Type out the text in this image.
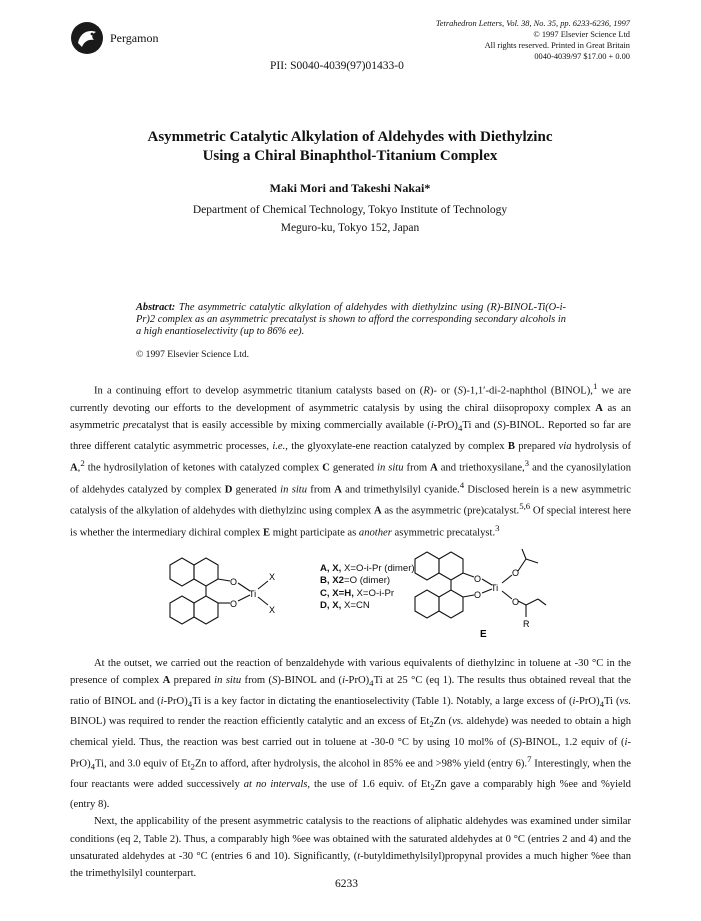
Pergamon
Tetrahedron Letters, Vol. 38, No. 35, pp. 6233-6236, 1997
© 1997 Elsevier Science Ltd
All rights reserved. Printed in Great Britain
0040-4039/97 $17.00 + 0.00
PII: S0040-4039(97)01433-0
Asymmetric Catalytic Alkylation of Aldehydes with Diethylzinc
Using a Chiral Binaphthol-Titanium Complex
Maki Mori and Takeshi Nakai*
Department of Chemical Technology, Tokyo Institute of Technology
Meguro-ku, Tokyo 152, Japan
Abstract: The asymmetric catalytic alkylation of aldehydes with diethylzinc using (R)-BINOL-Ti(O-i-Pr)2 complex as an asymmetric precatalyst is shown to afford the corresponding secondary alcohols in a high enantioselectivity (up to 86% ee).
© 1997 Elsevier Science Ltd.

In a continuing effort to develop asymmetric titanium catalysts based on (R)- or (S)-1,1′-di-2-naphthol (BINOL),$^1$ we are currently devoting our efforts to the development of asymmetric catalysis by using the chiral diisopropoxy complex A as an asymmetric precatalyst that is easily accessible by mixing commercially available $(i-PrO)_4Ti$ and (S)-BINOL. Reported so far are three different catalytic asymmetric processes, i.e., the glyoxylate-ene reaction catalyzed by complex B prepared via hydrolysis of A,$^2$ the hydrosilylation of ketones with catalyzed complex C generated in situ from A and triethoxysilane,$^3$ and the cyanosilylation of aldehydes catalyzed by complex D generated in situ from A and trimethylsilyl cyanide.$^4$ Disclosed herein is a new asymmetric catalysis of the alkylation of aldehydes with diethylzinc using complex A as the asymmetric (pre)catalyst.$^{5,6}$ Of special interest here is whether the intermediary dichiral complex E might participate as another asymmetric precatalyst.$^3$

O
O
Ti
X
X
O
O
Ti
O
O
R
E
A, X, X=O-i-Pr (dimer)
B, X2=O (dimer)
C, X=H, X=O-i-Pr
D, X, X=CN

At the outset, we carried out the reaction of benzaldehyde with various equivalents of diethylzinc in toluene at -30 °C in the presence of complex A prepared in situ from (S)-BINOL and $(i-PrO)_4Ti$ at 25 °C (eq 1). The results thus obtained reveal that the ratio of BINOL and $(i-PrO)_4Ti$ is a key factor in dictating the enantioselectivity (Table 1). Notably, a large excess of $(i-PrO)_4Ti$ (vs. BINOL) was required to render the reaction efficiently catalytic and an excess of $Et_2Zn$ (vs. aldehyde) was needed to obtain a high chemical yield. Thus, the reaction was best carried out in toluene at -30-0 °C by using 10 mol% of (S)-BINOL, 1.2 equiv of $(i-PrO)_4Ti$, and 3.0 equiv of $Et_2Zn$ to afford, after hydrolysis, the alcohol in 85% ee and >98% yield (entry 6).$^7$ Interestingly, when the four reactants were added successively at no intervals, the use of 1.6 equiv. of $Et_2Zn$ gave a comparably high %ee and %yield (entry 8).

Next, the applicability of the present asymmetric catalysis to the reactions of aliphatic aldehydes was examined under similar conditions (eq 2, Table 2). Thus, a comparably high %ee was obtained with the saturated aldehydes at 0 °C (entries 2 and 4) and the unsaturated aldehydes at -30 °C (entries 6 and 10). Significantly, (t-butyldimethylsilyl)propynal provides a much higher %ee than the trimethylsilyl counterpart.

6233
